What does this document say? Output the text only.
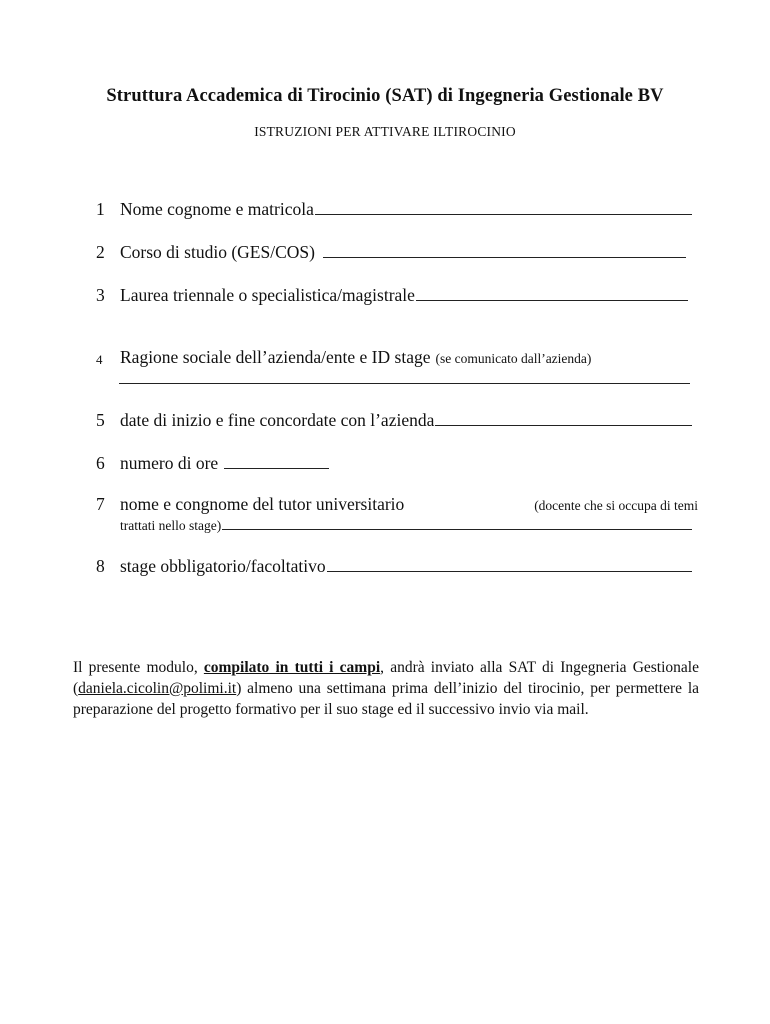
Struttura Accademica di Tirocinio (SAT) di Ingegneria Gestionale BV
ISTRUZIONI PER ATTIVARE ILTIROCINIO
1 Nome cognome e matricola
2 Corso di studio (GES/COS)
3 Laurea triennale o specialistica/magistrale
4	Ragione sociale dell’azienda/ente e ID stage (se comunicato dall’azienda)
5 date di inizio e fine concordate con l’azienda
6 numero di ore
7 nome e congnome del tutor universitario	(docente che si occupa di temi
trattati nello stage)
8 stage obbligatorio/facoltativo

Il presente modulo, compilato in tutti i campi, andrà inviato alla SAT di Ingegneria Gestionale (daniela.cicolin@polimi.it) almeno una settimana prima dell’inizio del tirocinio, per permettere la preparazione del progetto formativo per il suo stage ed il successivo invio via mail.
